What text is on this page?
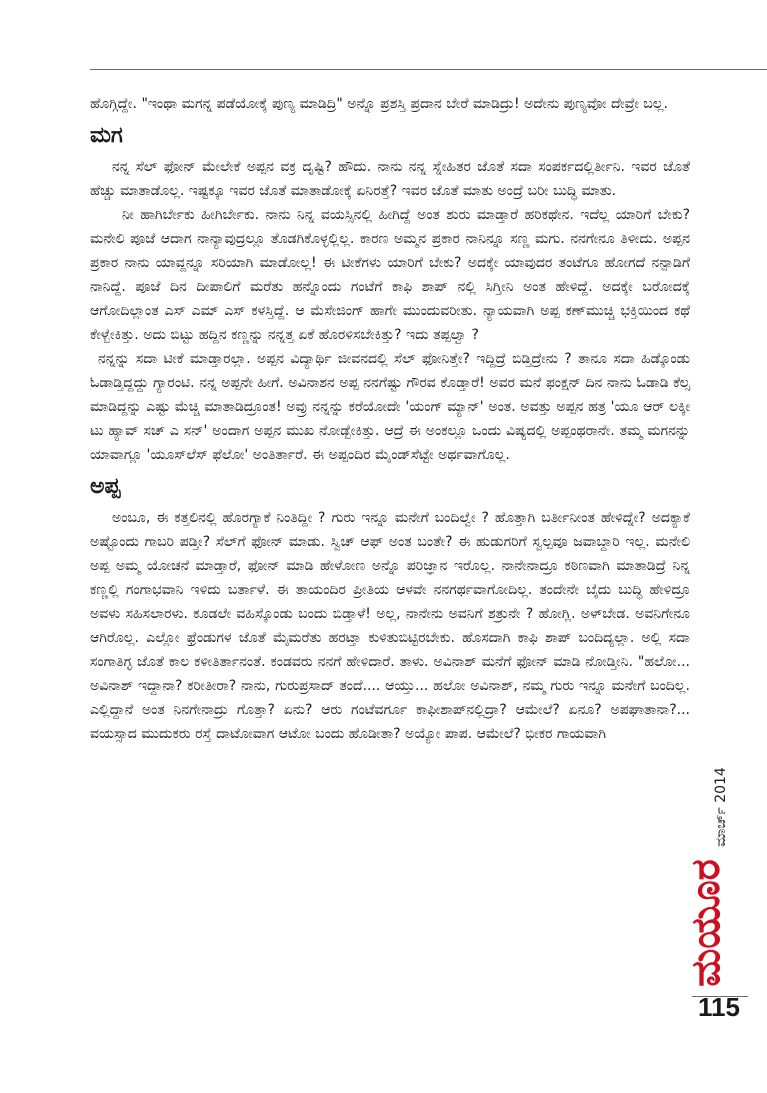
ಹೊಗ್ಗಿದ್ದೇ. "ಇಂಥಾ ಮಗನ್ನ ಪಡೆಯೋಕ್ಕೆ ಪುಣ್ಯ ಮಾಡಿದ್ರಿ" ಅನ್ನೊ ಪ್ರಶಸ್ತಿ ಪ್ರದಾನ ಬೇರೆ ಮಾಡಿದ್ರು! ಅದೇನು ಪುಣ್ಯವೋ ದೇವ್ರೇ ಬಲ್ಲ.

ಮಗ

ನನ್ನ ಸೆಲ್ ಫೋನ್ ಮೇಲೇಕೆ ಅಪ್ಪನ ವಕ್ರ ದೃಷ್ಟಿ? ಹೌದು. ನಾನು ನನ್ನ ಸ್ನೇಹಿತರ ಜೊತೆ ಸದಾ ಸಂಪರ್ಕದಲ್ಲಿರ್ತೀನಿ. ಇವರ ಜೊತೆ ಹೆಚ್ಚು ಮಾತಾಡೊಲ್ಲ. ಇಷ್ಟಕ್ಕೂ ಇವರ ಜೊತೆ ಮಾತಾಡೋಕ್ಕೆ ಏನಿರತ್ತೆ? ಇವರ ಜೊತೆ ಮಾತು ಅಂದ್ರೆ ಬರೀ ಬುದ್ಧಿ ಮಾತು.

ನೀ ಹಾಗಿರ್ಬೇಕು ಹೀಗಿರ್ಬೇಕು. ನಾನು ನಿನ್ನ ವಯಸ್ಸಿನಲ್ಲಿ ಹೀಗಿದ್ದೆ ಅಂತ ಶುರು ಮಾಡ್ತಾರೆ ಹರಿಕಥೇನ. ಇದೆಲ್ಲ ಯಾರಿಗೆ ಬೇಕು? ಮನೇಲಿ ಪೂಜೆ ಆದಾಗ ನಾನ್ಯಾವುದ್ರಲ್ಲೂ ತೊಡಗಿಕೊಳ್ಳಲ್ಲಿಲ್ಲ. ಕಾರಣ ಅಮ್ಮನ ಪ್ರಕಾರ ನಾನಿನ್ನೂ ಸಣ್ಣ ಮಗು. ನನಗೇನೂ ತಿಳೀದು. ಅಪ್ಪನ ಪ್ರಕಾರ ನಾನು ಯಾವ್ದನ್ನೂ ಸರಿಯಾಗಿ ಮಾಡೋಲ್ಲ! ಈ ಟೀಕೆಗಳು ಯಾರಿಗೆ ಬೇಕು? ಅದಕ್ಕೇ ಯಾವುದರ ತಂಟೆಗೂ ಹೋಗದೆ ನನ್ಪಾಡಿಗೆ ನಾನಿದ್ದೆ. ಪೂಜೆ ದಿನ ದೀಪಾಲಿಗೆ ಮರೆತು ಹನ್ನೊಂದು ಗಂಟೆಗೆ ಕಾಫಿ ಶಾಪ್ ನಲ್ಲಿ ಸಿಗ್ತೀನಿ ಅಂತ ಹೇಳಿದ್ದೆ. ಅದಕ್ಕೇ ಬರೋದಕ್ಕೆ ಆಗೋದಿಲ್ಲಾಂತ ಎಸ್ ಎಮ್ ಎಸ್ ಕಳಸ್ತಿದ್ದೆ. ಆ ಮೆಸೇಜಿಂಗ್ ಹಾಗೇ ಮುಂದುವರೀತು. ನ್ಯಾಯವಾಗಿ ಅಪ್ಪ ಕಣ್‌ಮುಚ್ಚಿ ಭಕ್ತಿಯಿಂದ ಕಥೆ ಕೇಳ್ಬೇಕಿತ್ತು. ಅದು ಬಿಟ್ಟು ಹದ್ದಿನ ಕಣ್ಣನ್ನು ನನ್ನತ್ತ ಏಕೆ ಹೊರಳಿಸಬೇಕಿತ್ತು? ಇದು ತಪ್ಪಲ್ವಾ ?

ನನ್ನನ್ನು ಸದಾ ಟೀಕೆ ಮಾಡ್ತಾರಲ್ಲಾ. ಅಪ್ಪನ ವಿದ್ಯಾರ್ಥಿ ಜೀವನದಲ್ಲಿ ಸೆಲ್ ಫೋನಿತ್ತೇ? ಇದ್ದಿದ್ರೆ ಬಿಡ್ತಿದ್ರೇನು ? ತಾನೂ ಸದಾ ಹಿಡ್ಕೊಂಡು ಓಡಾಡ್ತಿದ್ದದ್ದು ಗ್ಯಾರಂಟಿ. ನನ್ನ ಅಪ್ಪನೇ ಹೀಗೆ. ಅವಿನಾಶನ ಅಪ್ಪ ನನಗೆಷ್ಟು ಗೌರವ ಕೊಡ್ತಾರೆ! ಅವರ ಮನೆ ಫಂಕ್ಷನ್ ದಿನ ನಾನು ಓಡಾಡಿ ಕೆಲ್ಸ ಮಾಡಿದ್ದನ್ನು ಎಷ್ಟು ಮೆಚ್ಚಿ ಮಾತಾಡಿದ್ರೂಂತ! ಅವ್ರು ನನ್ನನ್ನು ಕರೆಯೋದೇ 'ಯಂಗ್ ಮ್ಯಾನ್' ಅಂತ. ಅವತ್ತು ಅಪ್ಪನ ಹತ್ರ 'ಯೂ ಆರ್ ಲಕ್ಕೀ ಟು ಹ್ಯಾವ್ ಸಚ್ ಎ ಸನ್' ಅಂದಾಗ ಅಪ್ಪನ ಮುಖ ನೋಡ್ಬೇಕಿತ್ತು. ಆದ್ರೆ ಈ ಅಂಕಲ್ಲೂ ಒಂದು ವಿಷ್ಯದಲ್ಲಿ ಅಪ್ಪಂಥರಾನೇ. ತಮ್ಮ ಮಗನನ್ನು ಯಾವಾಗ್ಲೂ 'ಯೂಸ್‌ಲೆಸ್ ಫೆಲೋ' ಅಂತಿರ್ತಾರೆ. ಈ ಅಪ್ಪಂದಿರ ಮೈಂಡ್‌ಸೆಟ್ಟೇ ಅರ್ಥವಾಗೊಲ್ಲ.

ಅಪ್ಪ

ಅಂಬೂ, ಈ ಕತ್ತಲಿನಲ್ಲಿ ಹೊರಗ್ಯಾಕೆ ನಿಂತಿದ್ದೀ ? ಗುರು ಇನ್ನೂ ಮನೇಗೆ ಬಂದಿಲ್ವೇ ? ಹೊತ್ತಾಗಿ ಬರ್ತೀನೀಂತ ಹೇಳಿದ್ನೇ? ಅದಕ್ಯಾಕೆ ಅಷ್ಟೊಂದು ಗಾಬರಿ ಪಡ್ತೀ? ಸೆಲ್‌ಗೆ ಫೋನ್ ಮಾಡು. ಸ್ವಿಚ್ ಆಫ್ ಅಂತ ಬಂತೇ? ಈ ಹುಡುಗರಿಗೆ ಸ್ವಲ್ಪವೂ ಜವಾಬ್ದಾರಿ ಇಲ್ಲ. ಮನೇಲಿ ಅಪ್ಪ ಅಮ್ಮ ಯೋಚನೆ ಮಾಡ್ತಾರೆ, ಫೋನ್ ಮಾಡಿ ಹೇಳೋಣ ಅನ್ನೊ ಪರಿಜ್ಞಾನ ಇರೊಲ್ಲ. ನಾನೇನಾದ್ರೂ ಕಠಿಣವಾಗಿ ಮಾತಾಡಿದ್ರೆ ನಿನ್ನ ಕಣ್ಣಲ್ಲಿ ಗಂಗಾಭವಾನಿ ಇಳಿದು ಬರ್ತಾಳೆ. ಈ ತಾಯಂದಿರ ಪ್ರೀತಿಯ ಆಳವೇ ನನಗರ್ಥವಾಗೋದಿಲ್ಲ. ತಂದೇನೇ ಬೈದು ಬುದ್ಧಿ ಹೇಳಿದ್ರೂ ಅವಳು ಸಹಿಸಲಾರಳು. ಕೂಡಲೇ ವಹಿಸ್ಕೊಂಡು ಬಂದು ಬಿಡ್ತಾಳೆ! ಅಲ್ಲ, ನಾನೇನು ಅವನಿಗೆ ಶತ್ರುನೇ ? ಹೋಗ್ಲಿ. ಅಳ್‌ಬೇಡ. ಅವನಿಗೇನೂ ಆಗಿರೊಲ್ಲ. ಎಲ್ಲೋ ಫ್ರೆಂಡುಗಳ ಜೊತೆ ಮೈಮರೆತು ಹರಟ್ತಾ ಕುಳಿತುಬಿಟ್ಟಿರಬೇಕು. ಹೊಸದಾಗಿ ಕಾಫಿ ಶಾಪ್ ಬಂದಿದ್ಯಲ್ಲಾ. ಅಲ್ಲಿ ಸದಾ ಸಂಗಾತಿಗ್ಳ ಜೊತೆ ಕಾಲ ಕಳೀತಿರ್ತಾನಂತೆ. ಕಂಡವರು ನನಗೆ ಹೇಳಿದಾರೆ. ತಾಳು. ಅವಿನಾಶ್ ಮನೆಗೆ ಫೋನ್ ಮಾಡಿ ನೋಡ್ತೀನಿ. "ಹಲೋ... ಅವಿನಾಶ್ ಇದ್ದಾನಾ? ಕರೀತೀರಾ? ನಾನು, ಗುರುಪ್ರಸಾದ್ ತಂದೆ.... ಆಯ್ತು... ಹಲೋ ಅವಿನಾಶ್, ನಮ್ಮ ಗುರು ಇನ್ನೂ ಮನೇಗೆ ಬಂದಿಲ್ಲ. ಎಲ್ಲಿದ್ದಾನೆ ಅಂತ ನಿನಗೇನಾದ್ರು ಗೊತ್ತಾ? ಏನು? ಆರು ಗಂಟೆವರ್ಗೂ ಕಾಫೀಶಾಪ್‌ನಲ್ಲಿದ್ರಾ? ಆಮೇಲೆ? ಏನೂ? ಅಪಘಾತಾನಾ?... ವಯಸ್ಸಾದ ಮುದುಕರು ರಸ್ತೆ ದಾಟೋವಾಗ ಆಟೋ ಬಂದು ಹೊಡೀತಾ? ಅಯ್ಯೋ ಪಾಪ. ಆಮೇಲೆ? ಭೀಕರ ಗಾಯವಾಗಿ

ಮಯೂರ
ಮಾರ್ಚ್ 2014
115
